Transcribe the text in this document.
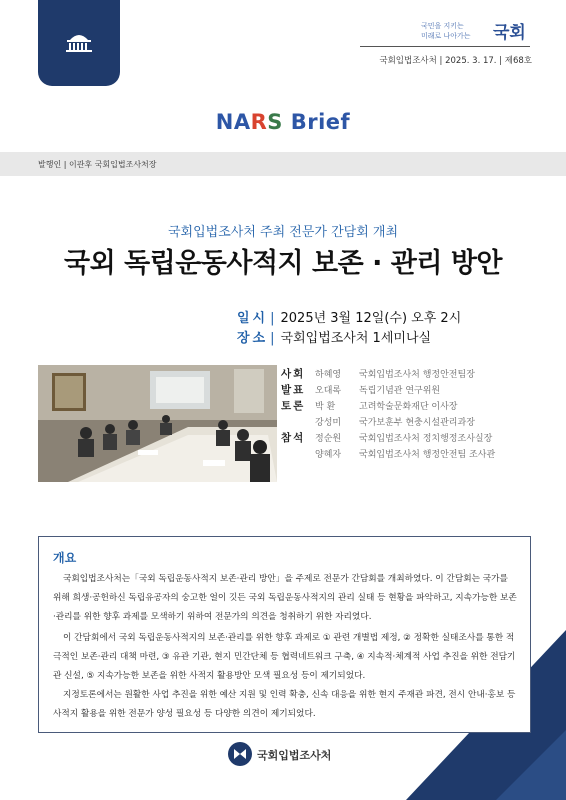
국민을 지키는
미래로 나아가는 국회
국회입법조사처 | 2025. 3. 17. | 제68호
NARS Brief
발행인 | 이관후 국회입법조사처장
국회입법조사처 주최 전문가 간담회 개최
국외 독립운동사적지 보존 · 관리 방안
일시 | 2025년 3월 12일(수) 오후 2시
장소 | 국회입법조사처 1세미나실
사회	하혜영 국회입법조사처 행정안전팀장
발표	오대록 독립기념관 연구위원
토론	박 환	고려학술문화재단 이사장
강성미 국가보훈부 현충시설관리과장
참석	정순원 국회입법조사처 정치행정조사실장
양혜자 국회입법조사처 행정안전팀 조사관
개요
국회입법조사처는「국외 독립운동사적지 보존·관리 방안」을 주제로 전문가 간담회를 개최하였다. 이 간담회는 국가를 위해 희생·공헌하신 독립유공자의 숭고한 얼이 깃든 국외 독립운동사적지의 관리 실태 등 현황을 파악하고, 지속가능한 보존·관리를 위한 향후 과제를 모색하기 위하여 전문가의 의견을 청취하기 위한 자리였다.
이 간담회에서 국외 독립운동사적지의 보존·관리를 위한 향후 과제로 ① 관련 개별법 제정, ② 정확한 실태조사를 통한 적극적인 보존·관리 대책 마련, ③ 유관 기관, 현지 민간단체 등 협력네트워크 구축, ④ 지속적·체계적 사업 추진을 위한 전담기관 신설, ⑤ 지속가능한 보존을 위한 사적지 활용방안 모색 필요성 등이 제기되었다.
지정토론에서는 원활한 사업 추진을 위한 예산 지원 및 인력 확충, 신속 대응을 위한 현지 주재관 파견, 전시 안내·홍보 등 사적지 활용을 위한 전문가 양성 필요성 등 다양한 의견이 제기되었다.
국회입법조사처
